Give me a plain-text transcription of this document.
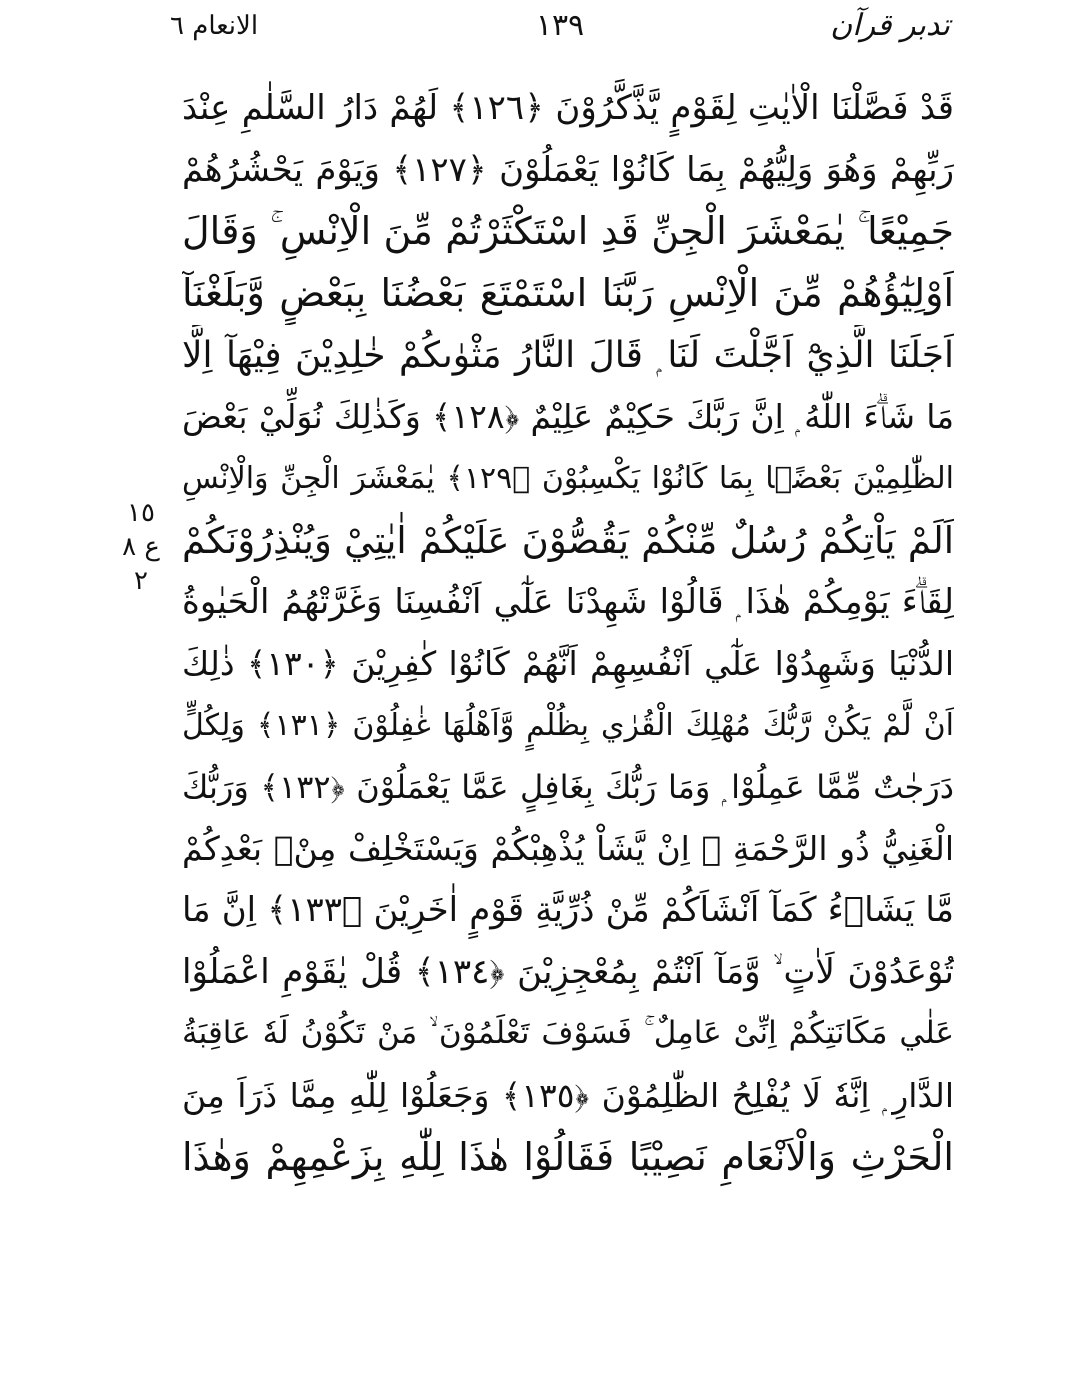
تدبر قرآن
۱۳۹
الانعام ٦
١٥
ع ٨
٢
قَدْ فَصَّلْنَا الْاٰيٰتِ لِقَوْمٍ يَّذَّكَّرُوْنَ ﴿١٢٦﴾ لَهُمْ دَارُ السَّلٰمِ عِنْدَ
رَبِّهِمْ وَهُوَ وَلِيُّهُمْ بِمَا كَانُوْا يَعْمَلُوْنَ ﴿١٢٧﴾ وَيَوْمَ يَحْشُرُهُمْ
جَمِيْعًا ۚ يٰمَعْشَرَ الْجِنِّ قَدِ اسْتَكْثَرْتُمْ مِّنَ الْاِنْسِ ۚ وَقَالَ
اَوْلِيٰٓؤُهُمْ مِّنَ الْاِنْسِ رَبَّنَا اسْتَمْتَعَ بَعْضُنَا بِبَعْضٍ وَّبَلَغْنَآ
اَجَلَنَا الَّذِيْٓ اَجَّلْتَ لَنَا ۭ قَالَ النَّارُ مَثْوٰىكُمْ خٰلِدِيْنَ فِيْهَآ اِلَّا
مَا شَاۗءَ اللّٰهُ ۭ اِنَّ رَبَّكَ حَكِيْمٌ عَلِيْمٌ ﴿١٢٨﴾ وَكَذٰلِكَ نُوَلِّيْ بَعْضَ
الظّٰلِمِيْنَ بَعْضًۢا بِمَا كَانُوْا يَكْسِبُوْنَ ﴿١٢٩﴾ يٰمَعْشَرَ الْجِنِّ وَالْاِنْسِ
اَلَمْ يَاْتِكُمْ رُسُلٌ مِّنْكُمْ يَقُصُّوْنَ عَلَيْكُمْ اٰيٰتِيْ وَيُنْذِرُوْنَكُمْ
لِقَاۗءَ يَوْمِكُمْ هٰذَا ۭ قَالُوْا شَهِدْنَا عَلٰٓي اَنْفُسِنَا وَغَرَّتْهُمُ الْحَيٰوةُ
الدُّنْيَا وَشَهِدُوْا عَلٰٓي اَنْفُسِهِمْ اَنَّهُمْ كَانُوْا كٰفِرِيْنَ ﴿١٣٠﴾ ذٰلِكَ
اَنْ لَّمْ يَكُنْ رَّبُّكَ مُهْلِكَ الْقُرٰي بِظُلْمٍ وَّاَهْلُهَا غٰفِلُوْنَ ﴿١٣١﴾ وَلِكُلٍّ
دَرَجٰتٌ مِّمَّا عَمِلُوْا ۭ وَمَا رَبُّكَ بِغَافِلٍ عَمَّا يَعْمَلُوْنَ ﴿١٣٢﴾ وَرَبُّكَ
الْغَنِيُّ ذُو الرَّحْمَةِ ۭ اِنْ يَّشَاْ يُذْهِبْكُمْ وَيَسْتَخْلِفْ مِنْۢ بَعْدِكُمْ
مَّا يَشَاۗءُ كَمَآ اَنْشَاَكُمْ مِّنْ ذُرِّيَّةِ قَوْمٍ اٰخَرِيْنَ ﴿١٣٣﴾ اِنَّ مَا
تُوْعَدُوْنَ لَاٰتٍ ۙ وَّمَآ اَنْتُمْ بِمُعْجِزِيْنَ ﴿١٣٤﴾ قُلْ يٰقَوْمِ اعْمَلُوْا
عَلٰي مَكَانَتِكُمْ اِنِّىْ عَامِلٌ ۚ فَسَوْفَ تَعْلَمُوْنَ ۙ مَنْ تَكُوْنُ لَهٗ عَاقِبَةُ
الدَّارِ ۭ اِنَّهٗ لَا يُفْلِحُ الظّٰلِمُوْنَ ﴿١٣٥﴾ وَجَعَلُوْا لِلّٰهِ مِمَّا ذَرَاَ مِنَ
الْحَرْثِ وَالْاَنْعَامِ نَصِيْبًا فَقَالُوْا هٰذَا لِلّٰهِ بِزَعْمِهِمْ وَهٰذَا
